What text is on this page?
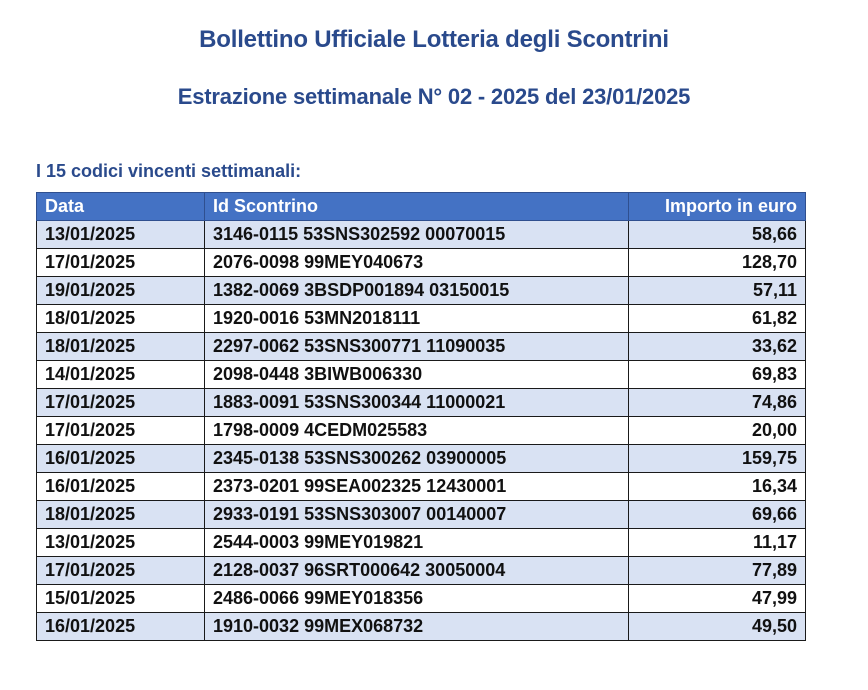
Bollettino Ufficiale Lotteria degli Scontrini
Estrazione settimanale N° 02 - 2025 del 23/01/2025
I 15 codici vincenti settimanali:
Data	Id Scontrino	Importo in euro
13/01/2025	3146-0115 53SNS302592 00070015	58,66
17/01/2025	2076-0098 99MEY040673	128,70
19/01/2025	1382-0069 3BSDP001894 03150015	57,11
18/01/2025	1920-0016 53MN2018111	61,82
18/01/2025	2297-0062 53SNS300771 11090035	33,62
14/01/2025	2098-0448 3BIWB006330	69,83
17/01/2025	1883-0091 53SNS300344 11000021	74,86
17/01/2025	1798-0009 4CEDM025583	20,00
16/01/2025	2345-0138 53SNS300262 03900005	159,75
16/01/2025	2373-0201 99SEA002325 12430001	16,34
18/01/2025	2933-0191 53SNS303007 00140007	69,66
13/01/2025	2544-0003 99MEY019821	11,17
17/01/2025	2128-0037 96SRT000642 30050004	77,89
15/01/2025	2486-0066 99MEY018356	47,99
16/01/2025	1910-0032 99MEX068732	49,50
